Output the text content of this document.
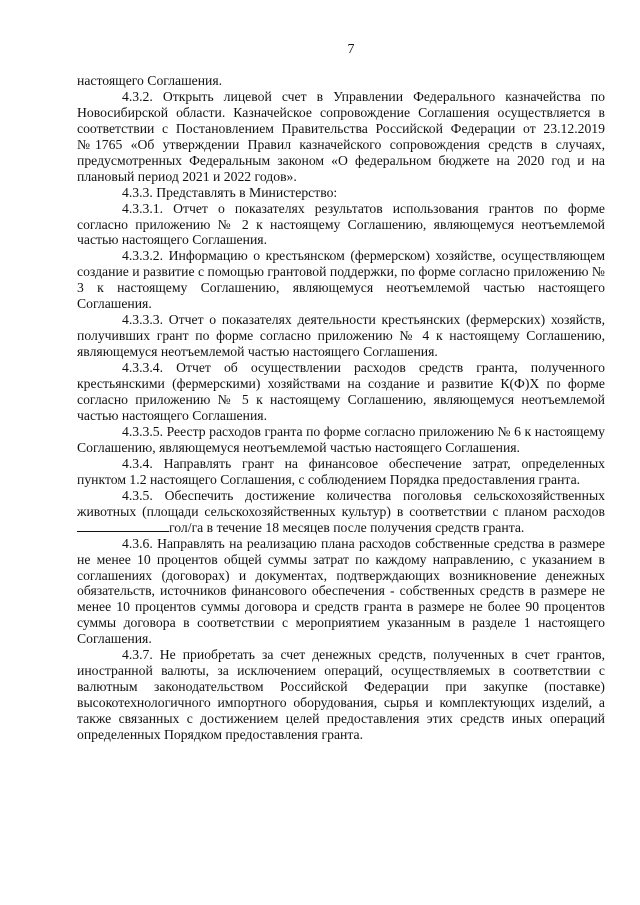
7

настоящего Соглашения.

4.3.2. Открыть лицевой счет в Управлении Федерального казначейства по Новосибирской области. Казначейское сопровождение Соглашения осуществляется в соответствии с Постановлением Правительства Российской Федерации от 23.12.2019 №1765 «Об утверждении Правил казначейского сопровождения средств в случаях, предусмотренных Федеральным законом «О федеральном бюджете на 2020 год и на плановый период 2021 и 2022 годов».

4.3.3. Представлять в Министерство:

4.3.3.1. Отчет о показателях результатов использования грантов по форме согласно приложению № 2 к настоящему Соглашению, являющемуся неотъемлемой частью настоящего Соглашения.

4.3.3.2. Информацию о крестьянском (фермерском) хозяйстве, осуществляющем создание и развитие с помощью грантовой поддержки, по форме согласно приложению № 3 к настоящему Соглашению, являющемуся неотъемлемой частью настоящего Соглашения.

4.3.3.3. Отчет о показателях деятельности крестьянских (фермерских) хозяйств, получивших грант по форме согласно приложению № 4 к настоящему Соглашению, являющемуся неотъемлемой частью настоящего Соглашения.

4.3.3.4. Отчет об осуществлении расходов средств гранта, полученного крестьянскими (фермерскими) хозяйствами на создание и развитие К(Ф)Х по форме согласно приложению № 5 к настоящему Соглашению, являющемуся неотъемлемой частью настоящего Соглашения.

4.3.3.5. Реестр расходов гранта по форме согласно приложению № 6 к настоящему Соглашению, являющемуся неотъемлемой частью настоящего Соглашения.

4.3.4. Направлять грант на финансовое обеспечение затрат, определенных пунктом 1.2 настоящего Соглашения, с соблюдением Порядка предоставления гранта.

4.3.5. Обеспечить достижение количества поголовья сельскохозяйственных животных (площади сельскохозяйственных культур) в соответствии с планом расходовгол/га в течение 18 месяцев после получения средств гранта.

4.3.6. Направлять на реализацию плана расходов собственные средства в размере не менее 10 процентов общей суммы затрат по каждому направлению, с указанием в соглашениях (договорах) и документах, подтверждающих возникновение денежных обязательств, источников финансового обеспечения - собственных средств в размере не менее 10 процентов суммы договора и средств гранта в размере не более 90 процентов суммы договора в соответствии с мероприятием указанным в разделе 1 настоящего Соглашения.

4.3.7. Не приобретать за счет денежных средств, полученных в счет грантов, иностранной валюты, за исключением операций, осуществляемых в соответствии с валютным законодательством Российской Федерации при закупке (поставке) высокотехнологичного импортного оборудования, сырья и комплектующих изделий, а также связанных с достижением целей предоставления этих средств иных операций определенных Порядком предоставления гранта.
